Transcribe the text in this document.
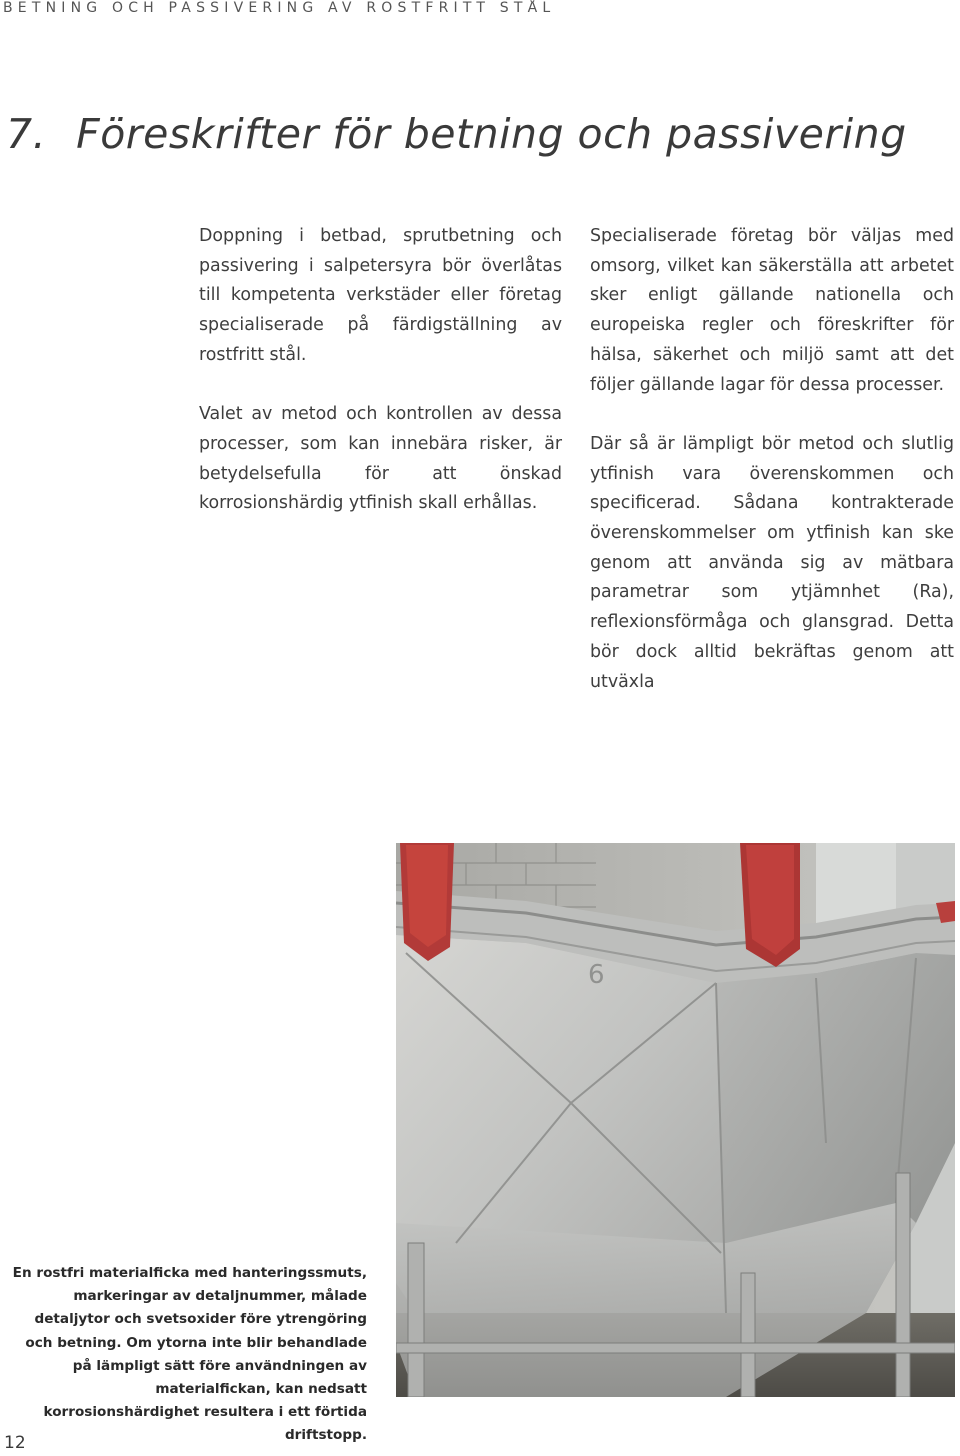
BETNING OCH PASSIVERING AV ROSTFRITT STÅL
7. Föreskrifter för betning och passivering

Doppning i betbad, sprutbetning och passivering i salpetersyra bör överlåtas till kompetenta verkstäder eller företag specialiserade på färdigställning av rostfritt stål.

Valet av metod och kontrollen av dessa processer, som kan innebära risker, är betydelsefulla för att önskad korrosionshärdig ytfinish skall erhållas.

Specialiserade företag bör väljas med omsorg, vilket kan säkerställa att arbetet sker enligt gällande nationella och europeiska regler och föreskrifter för hälsa, säkerhet och miljö samt att det följer gällande lagar för dessa processer.

Där så är lämpligt bör metod och slutlig ytfinish vara överenskommen och specificerad. Sådana kontrakterade överenskommelser om ytfinish kan ske genom att använda sig av mätbara parametrar som ytjämnhet (Ra), reflexionsförmåga och glansgrad. Detta bör dock alltid bekräftas genom att utväxla

6

En rostfri materialficka med hanteringssmuts, markeringar av detaljnummer, målade detaljytor och svetsoxider före ytrengöring och betning. Om ytorna inte blir behandlade på lämpligt sätt före användningen av materialfickan, kan nedsatt korrosionshärdighet resultera i ett förtida driftstopp.

12
